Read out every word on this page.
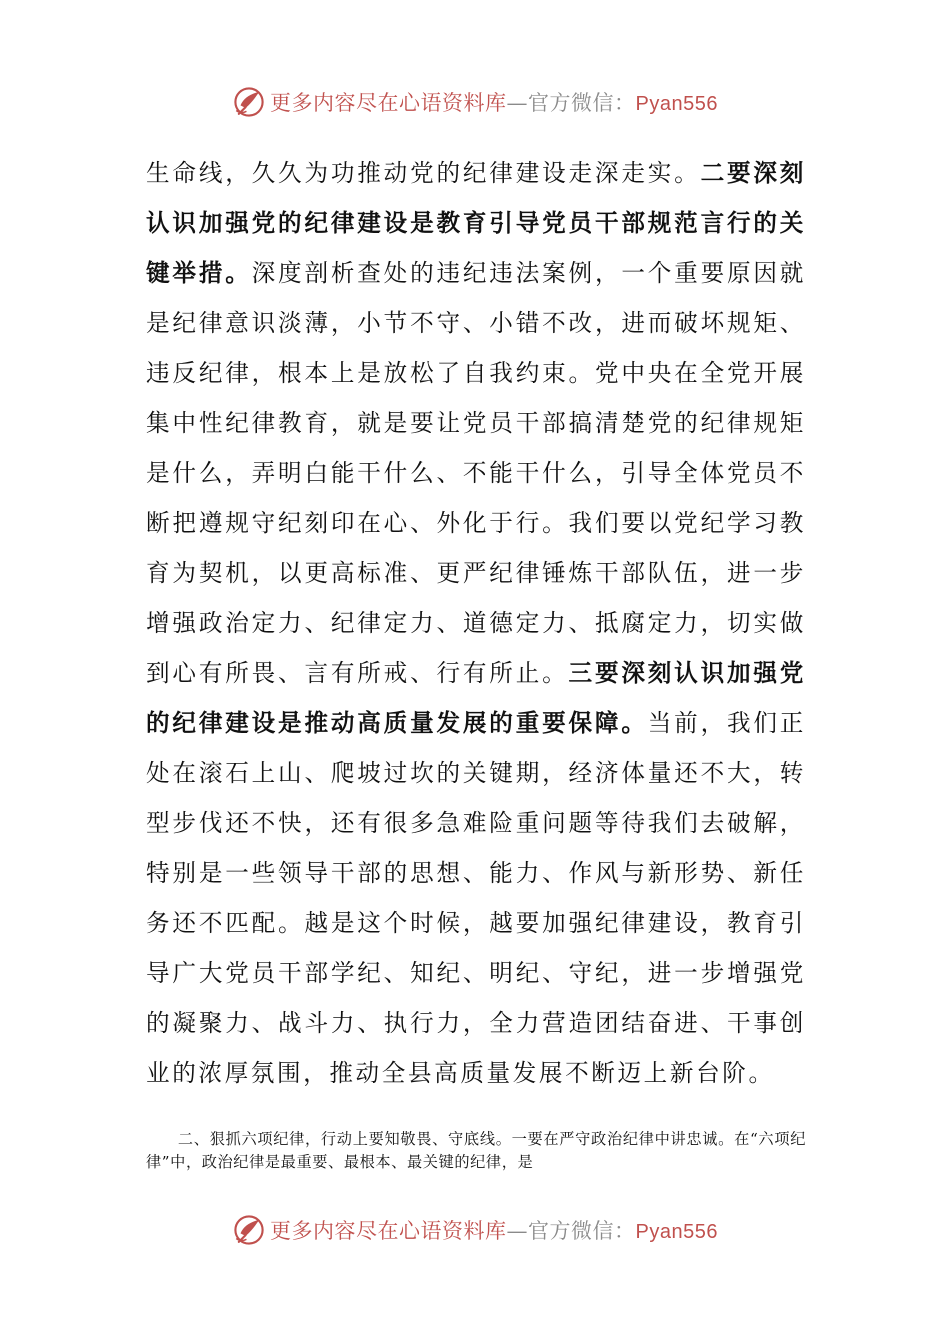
更多内容尽在心语资料库—官方微信：Pyan556

生命线，久久为功推动党的纪律建设走深走实。二要深刻认识加强党的纪律建设是教育引导党员干部规范言行的关键举措。深度剖析查处的违纪违法案例，一个重要原因就是纪律意识淡薄，小节不守、小错不改，进而破坏规矩、违反纪律，根本上是放松了自我约束。党中央在全党开展集中性纪律教育，就是要让党员干部搞清楚党的纪律规矩是什么，弄明白能干什么、不能干什么，引导全体党员不断把遵规守纪刻印在心、外化于行。我们要以党纪学习教育为契机，以更高标准、更严纪律锤炼干部队伍，进一步增强政治定力、纪律定力、道德定力、抵腐定力，切实做到心有所畏、言有所戒、行有所止。三要深刻认识加强党的纪律建设是推动高质量发展的重要保障。当前，我们正处在滚石上山、爬坡过坎的关键期，经济体量还不大，转型步伐还不快，还有很多急难险重问题等待我们去破解，特别是一些领导干部的思想、能力、作风与新形势、新任务还不匹配。越是这个时候，越要加强纪律建设，教育引导广大党员干部学纪、知纪、明纪、守纪，进一步增强党的凝聚力、战斗力、执行力，全力营造团结奋进、干事创业的浓厚氛围，推动全县高质量发展不断迈上新台阶。

二、狠抓六项纪律，行动上要知敬畏、守底线。一要在严守政治纪律中讲忠诚。在“六项纪律”中，政治纪律是最重要、最根本、最关键的纪律，是

更多内容尽在心语资料库—官方微信：Pyan556
